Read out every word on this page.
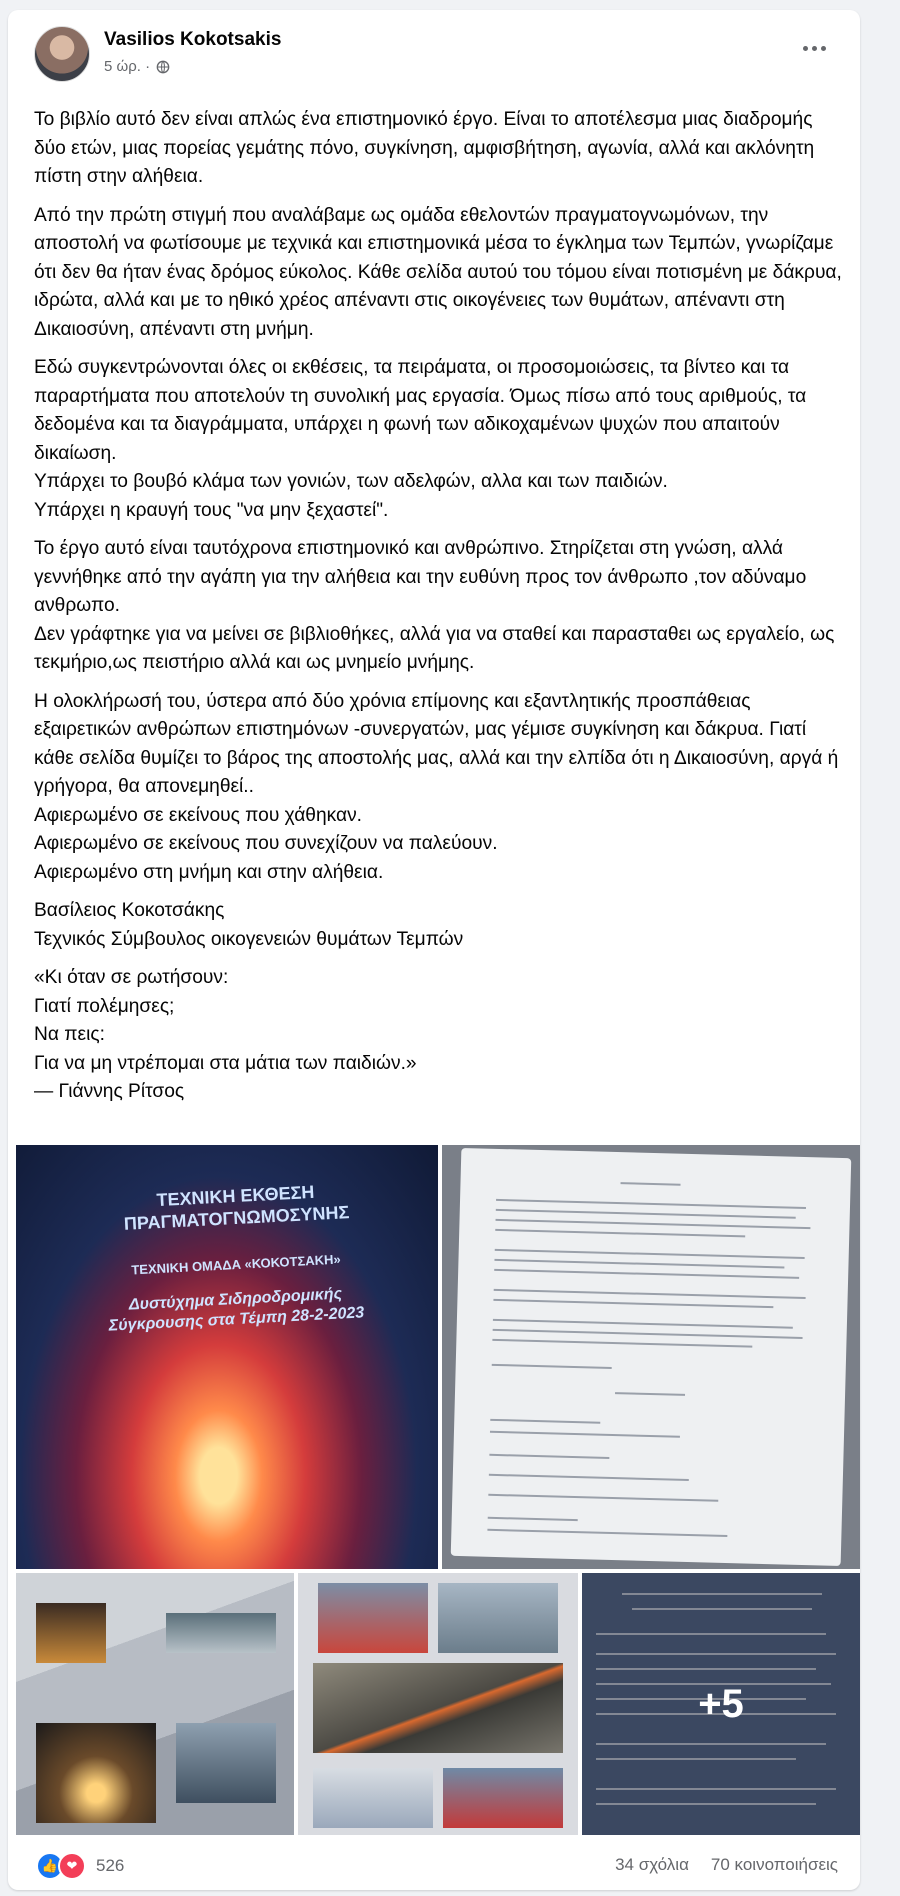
Vasilios Kokotsakis
5 ώρ. ·

Το βιβλίο αυτό δεν είναι απλώς ένα επιστημονικό έργο. Είναι το αποτέλεσμα μιας διαδρομής δύο ετών, μιας πορείας γεμάτης πόνο, συγκίνηση, αμφισβήτηση, αγωνία, αλλά και ακλόνητη πίστη στην αλήθεια.

Από την πρώτη στιγμή που αναλάβαμε ως ομάδα εθελοντών πραγματογνωμόνων, την αποστολή να φωτίσουμε με τεχνικά και επιστημονικά μέσα το έγκλημα των Τεμπών, γνωρίζαμε ότι δεν θα ήταν ένας δρόμος εύκολος. Κάθε σελίδα αυτού του τόμου είναι ποτισμένη με δάκρυα, ιδρώτα, αλλά και με το ηθικό χρέος απέναντι στις οικογένειες των θυμάτων, απέναντι στη Δικαιοσύνη, απέναντι στη μνήμη.

Εδώ συγκεντρώνονται όλες οι εκθέσεις, τα πειράματα, οι προσομοιώσεις, τα βίντεο και τα παραρτήματα που αποτελούν τη συνολική μας εργασία. Όμως πίσω από τους αριθμούς, τα δεδομένα και τα διαγράμματα, υπάρχει η φωνή των αδικοχαμένων ψυχών που απαιτούν δικαίωση.
Υπάρχει το βουβό κλάμα των γονιών, των αδελφών, αλλα και των παιδιών.
Υπάρχει η κραυγή τους "να μην ξεχαστεί".

Το έργο αυτό είναι ταυτόχρονα επιστημονικό και ανθρώπινο. Στηρίζεται στη γνώση, αλλά γεννήθηκε από την αγάπη για την αλήθεια και την ευθύνη προς τον άνθρωπο ,τον αδύναμο ανθρωπο.
Δεν γράφτηκε για να μείνει σε βιβλιοθήκες, αλλά για να σταθεί και παρασταθει ως εργαλείο, ως τεκμήριο,ως πειστήριο αλλά και ως μνημείο μνήμης.

Η ολοκλήρωσή του, ύστερα από δύο χρόνια επίμονης και εξαντλητικής προσπάθειας εξαιρετικών ανθρώπων επιστημόνων -συνεργατών, μας γέμισε συγκίνηση και δάκρυα. Γιατί κάθε σελίδα θυμίζει το βάρος της αποστολής μας, αλλά και την ελπίδα ότι η Δικαιοσύνη, αργά ή γρήγορα, θα απονεμηθεί..
Αφιερωμένο σε εκείνους που χάθηκαν.
Αφιερωμένο σε εκείνους που συνεχίζουν να παλεύουν.
Αφιερωμένο στη μνήμη και στην αλήθεια.

Βασίλειος Κοκοτσάκης
Τεχνικός Σύμβουλος οικογενειών θυμάτων Τεμπών

«Κι όταν σε ρωτήσουν:
Γιατί πολέμησες;
Να πεις:
Για να μη ντρέπομαι στα μάτια των παιδιών.»
— Γιάννης Ρίτσος

ΤΕΧΝΙΚΗ ΕΚΘΕΣΗ ΠΡΑΓΜΑΤΟΓΝΩΜΟΣΥΝΗΣ
ΤΕΧΝΙΚΗ ΟΜΑΔΑ «ΚΟΚΟΤΣΑΚΗ»
Δυστύχημα Σιδηροδρομικής Σύγκρουσης στα Τέμπη 28-2-2023
+5
👍 ❤	526	34 σχόλια 70 κοινοποιήσεις
